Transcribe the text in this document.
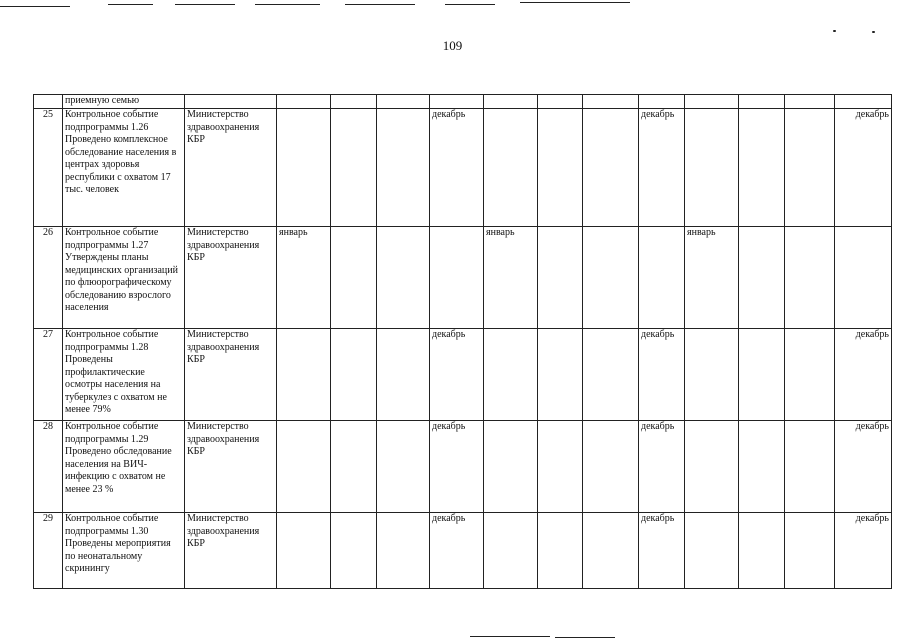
109
	приемную семью													
25	Контрольное событие подпрограммы 1.26 Проведено комплексное обследование населения в центрах здоровья республики с охватом 17 тыс. человек	Министерство здравоохранения КБР				декабрь				декабрь				декабрь
26	Контрольное событие подпрограммы 1.27 Утверждены планы медицинских организаций по флюорографическому обследованию взрослого населения	Министерство здравоохранения КБР	январь				январь				январь			
27	Контрольное событие подпрограммы 1.28 Проведены профилактические осмотры населения на туберкулез с охватом не менее 79%	Министерство здравоохранения КБР				декабрь				декабрь				декабрь
28	Контрольное событие подпрограммы 1.29 Проведено обследование населения на ВИЧ-инфекцию с охватом не менее 23 %	Министерство здравоохранения КБР				декабрь				декабрь				декабрь
29	Контрольное событие подпрограммы 1.30 Проведены мероприятия по неонатальному скринингу	Министерство здравоохранения КБР				декабрь				декабрь				декабрь
